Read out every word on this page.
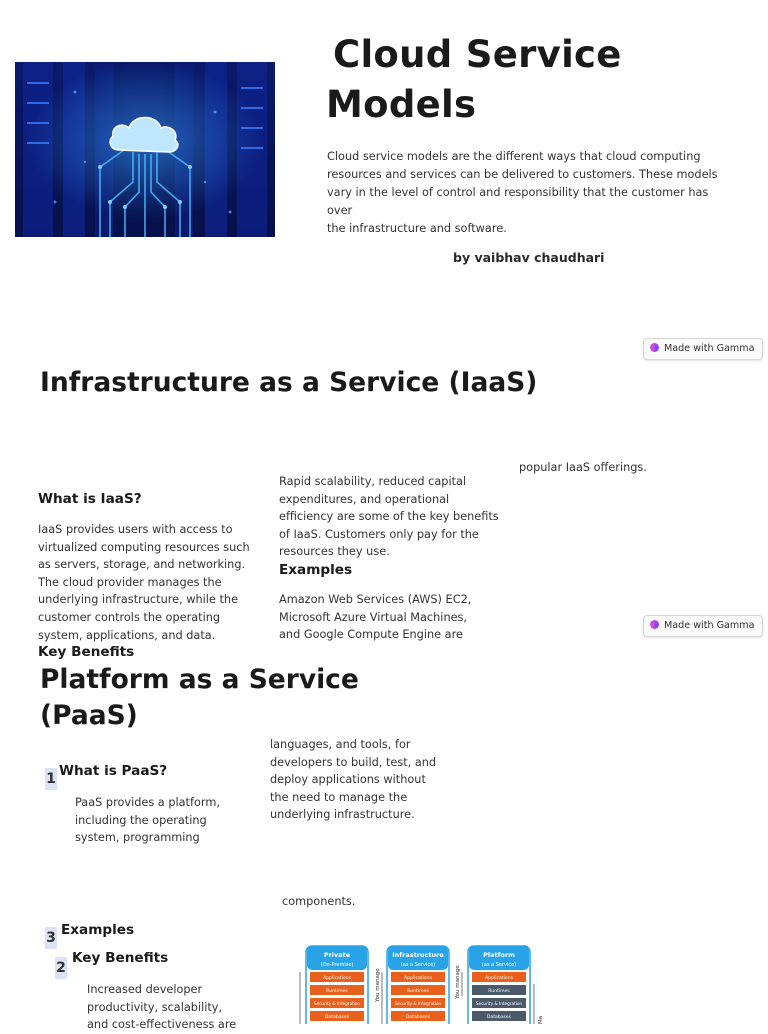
Cloud Service
Models
Cloud service models are the different ways that cloud computing
resources and services can be delivered to customers. These models
vary in the level of control and responsibility that the customer has over
the infrastructure and software.
by vaibhav chaudhari
Made with Gamma
Infrastructure as a Service (IaaS)
popular IaaS offerings.
What is IaaS?
IaaS provides users with access to
virtualized computing resources such
as servers, storage, and networking.
The cloud provider manages the
underlying infrastructure, while the
customer controls the operating
system, applications, and data.
Rapid scalability, reduced capital
expenditures, and operational
efficiency are some of the key benefits
of IaaS. Customers only pay for the
resources they use.
Examples
Amazon Web Services (AWS) EC2,
Microsoft Azure Virtual Machines,
and Google Compute Engine are
Key Benefits
Made with Gamma
Platform as a Service
(PaaS)
1 What is PaaS?
PaaS provides a platform,
including the operating
system, programming
languages, and tools, for
developers to build, test, and
deploy applications without
the need to manage the
underlying infrastructure.
components.
3 Examples
2
Key Benefits
Increased developer
productivity, scalability,
and cost-effectiveness are
Private
(On-Premise)
Applications
Runtimes
Security & Integration
Databases
You manage
Infrastructure
(as a Service)
Applications
Runtimes
Security & Integration
Databases
You manage
Platform
(as a Service)
Applications
Runtimes
Security & Integration
Databases	Ma
